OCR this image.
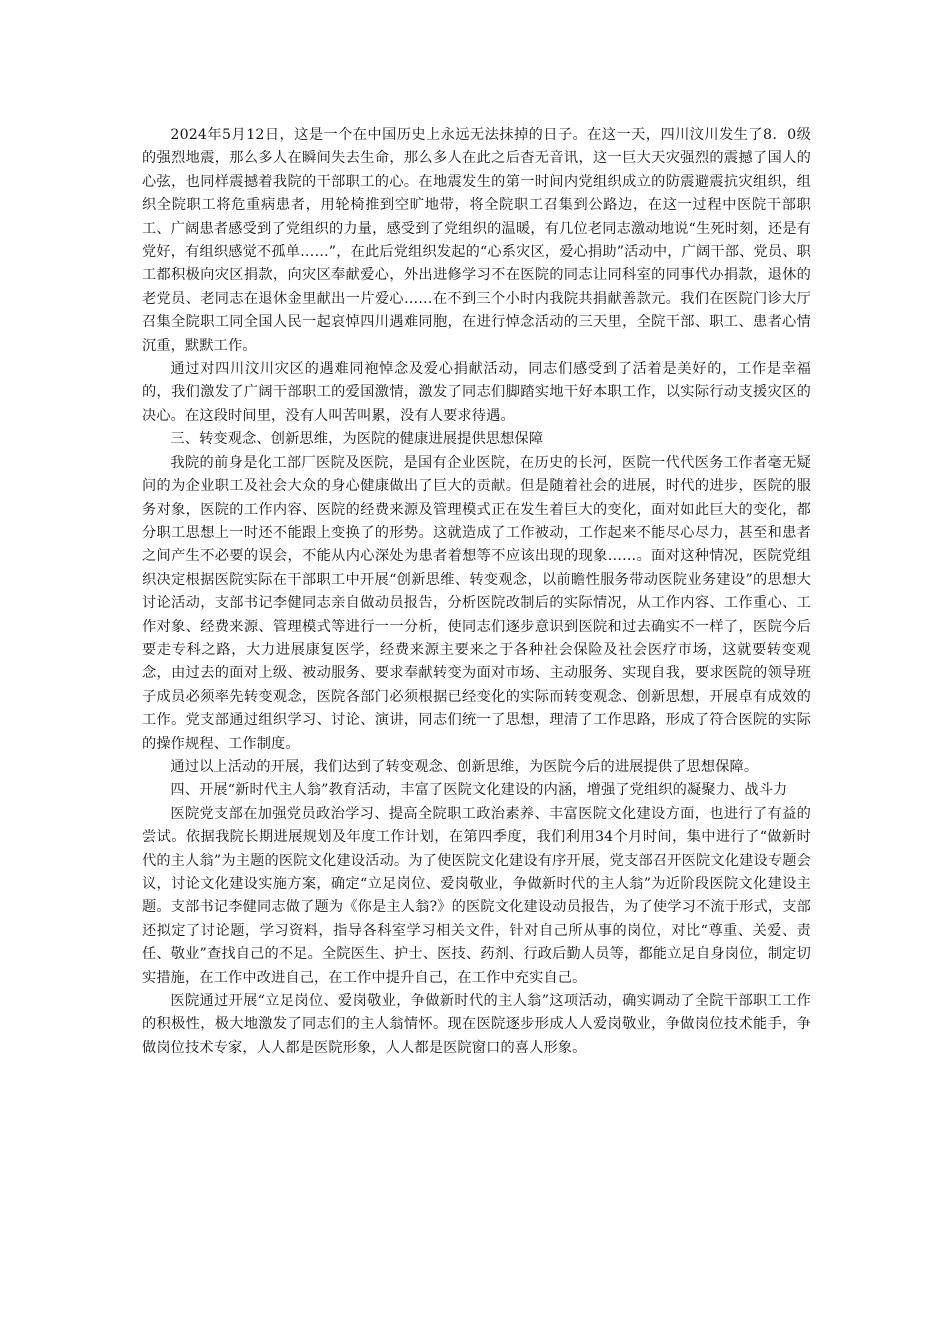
2024年5月12日，这是一个在中国历史上永远无法抹掉的日子。在这一天，四川汶川发生了8．0级的强烈地震，那么多人在瞬间失去生命，那么多人在此之后杳无音讯，这一巨大天灾强烈的震撼了国人的心弦，也同样震撼着我院的干部职工的心。在地震发生的第一时间内党组织成立的防震避震抗灾组织，组织全院职工将危重病患者，用轮椅推到空旷地带，将全院职工召集到公路边，在这一过程中医院干部职工、广阔患者感受到了党组织的力量，感受到了党组织的温暖，有几位老同志激动地说“生死时刻，还是有党好，有组织感觉不孤单……”，在此后党组织发起的“心系灾区，爱心捐助”活动中，广阔干部、党员、职工都积极向灾区捐款，向灾区奉献爱心，外出进修学习不在医院的同志让同科室的同事代办捐款，退休的老党员、老同志在退休金里献出一片爱心……在不到三个小时内我院共捐献善款元。我们在医院门诊大厅召集全院职工同全国人民一起哀悼四川遇难同胞，在进行悼念活动的三天里，全院干部、职工、患者心情沉重，默默工作。

通过对四川汶川灾区的遇难同袍悼念及爱心捐献活动，同志们感受到了活着是美好的，工作是幸福的，我们激发了广阔干部职工的爱国激情，激发了同志们脚踏实地干好本职工作，以实际行动支援灾区的决心。在这段时间里，没有人叫苦叫累，没有人要求待遇。

三、转变观念、创新思维，为医院的健康进展提供思想保障

我院的前身是化工部厂医院及医院，是国有企业医院，在历史的长河，医院一代代医务工作者毫无疑问的为企业职工及社会大众的身心健康做出了巨大的贡献。但是随着社会的进展，时代的进步，医院的服务对象，医院的工作内容、医院的经费来源及管理模式正在发生着巨大的变化，面对如此巨大的变化，都分职工思想上一时还不能跟上变换了的形势。这就造成了工作被动，工作起来不能尽心尽力，甚至和患者之间产生不必要的误会，不能从内心深处为患者着想等不应该出现的现象……。面对这种情况，医院党组织决定根据医院实际在干部职工中开展“创新思维、转变观念，以前瞻性服务带动医院业务建设”的思想大讨论活动，支部书记李健同志亲自做动员报告，分析医院改制后的实际情况，从工作内容、工作重心、工作对象、经费来源、管理模式等进行一一分析，使同志们逐步意识到医院和过去确实不一样了，医院今后要走专科之路，大力进展康复医学，经费来源主要来之于各种社会保险及社会医疗市场，这就要转变观念，由过去的面对上级、被动服务、要求奉献转变为面对市场、主动服务、实现自我，要求医院的领导班子成员必须率先转变观念，医院各部门必须根据已经变化的实际而转变观念、创新思想，开展卓有成效的工作。党支部通过组织学习、讨论、演讲，同志们统一了思想，理清了工作思路，形成了符合医院的实际的操作规程、工作制度。

通过以上活动的开展，我们达到了转变观念、创新思维，为医院今后的进展提供了思想保障。

四、开展“新时代主人翁”教育活动，丰富了医院文化建设的内涵，增强了党组织的凝聚力、战斗力

医院党支部在加强党员政治学习、提高全院职工政治素养、丰富医院文化建设方面，也进行了有益的尝试。依据我院长期进展规划及年度工作计划，在第四季度，我们利用34个月时间，集中进行了“做新时代的主人翁”为主题的医院文化建设活动。为了使医院文化建设有序开展，党支部召开医院文化建设专题会议，讨论文化建设实施方案，确定“立足岗位、爱岗敬业，争做新时代的主人翁”为近阶段医院文化建设主题。支部书记李健同志做了题为《你是主人翁?》的医院文化建设动员报告，为了使学习不流于形式，支部还拟定了讨论题，学习资料，指导各科室学习相关文件，针对自己所从事的岗位，对比“尊重、关爱、责任、敬业”查找自己的不足。全院医生、护士、医技、药剂、行政后勤人员等，都能立足自身岗位，制定切实措施，在工作中改进自己，在工作中提升自己，在工作中充实自己。

医院通过开展“立足岗位、爱岗敬业，争做新时代的主人翁”这项活动，确实调动了全院干部职工工作的积极性，极大地激发了同志们的主人翁情怀。现在医院逐步形成人人爱岗敬业，争做岗位技术能手，争做岗位技术专家，人人都是医院形象，人人都是医院窗口的喜人形象。
